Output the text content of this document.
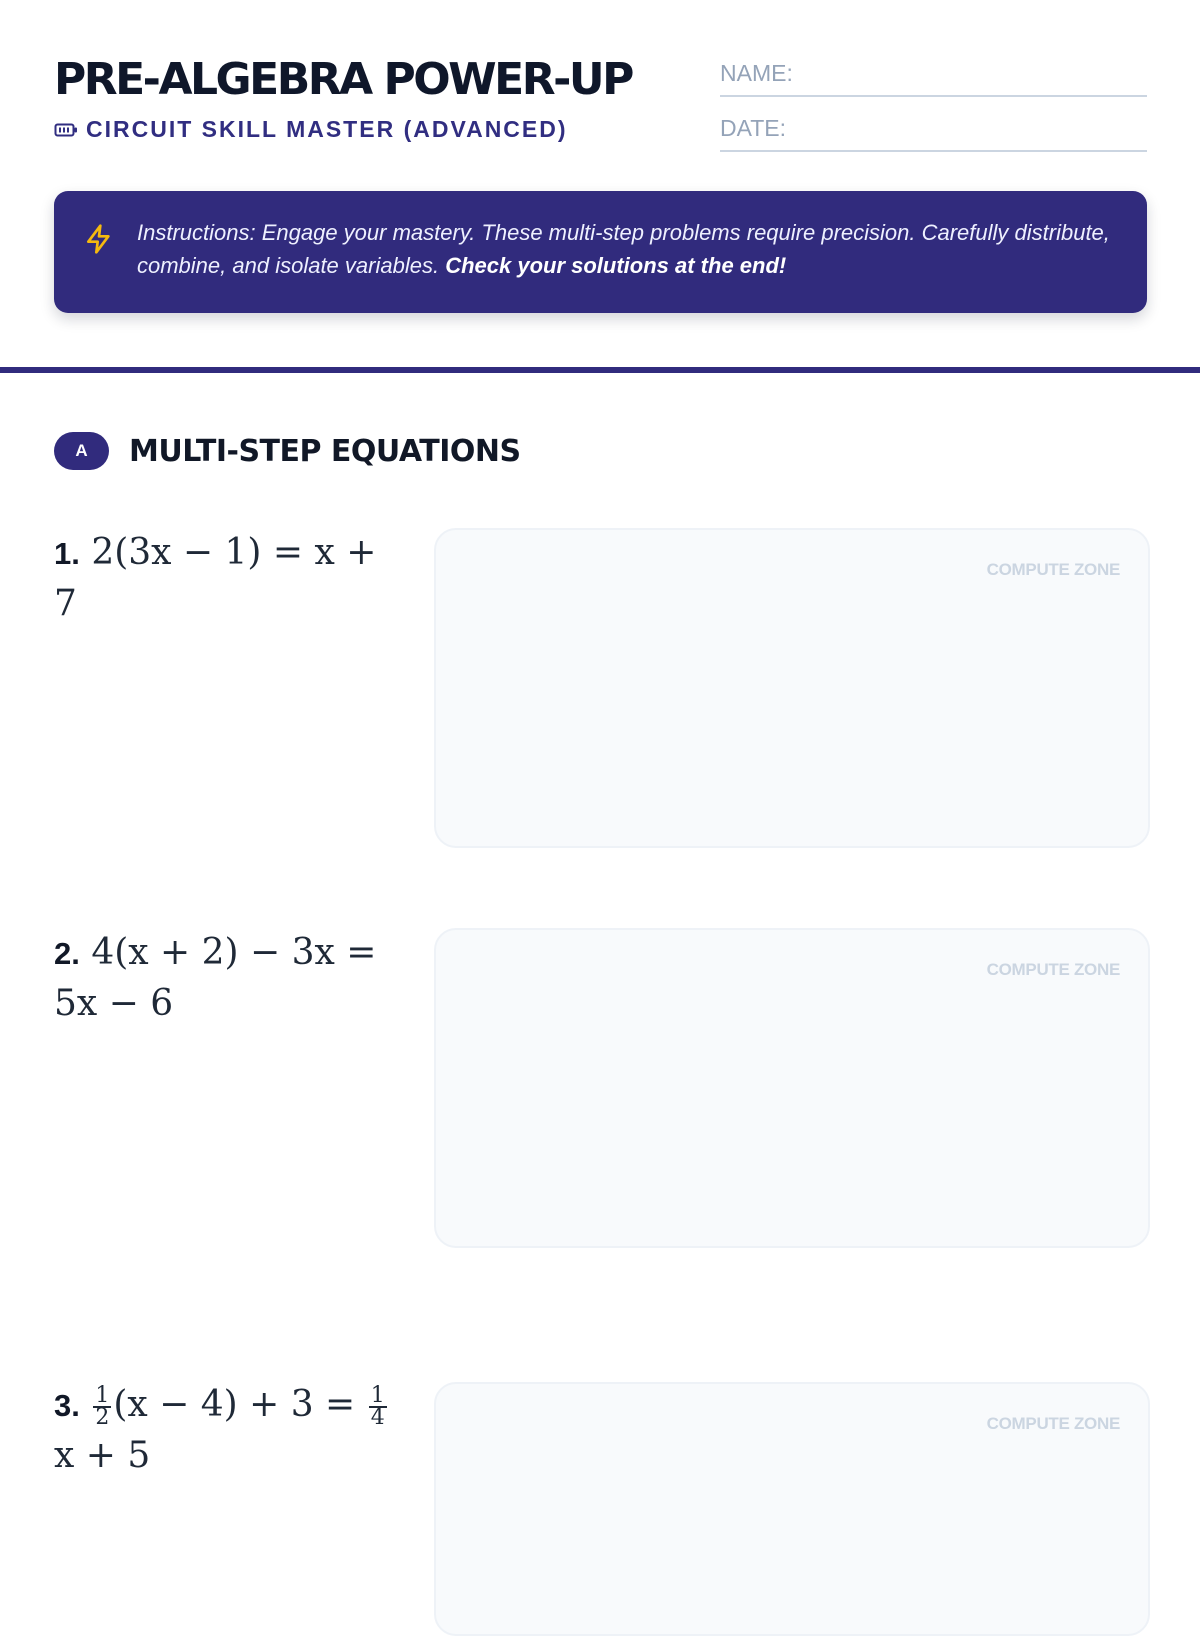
PRE-ALGEBRA POWER-UP
CIRCUIT SKILL MASTER (ADVANCED)
NAME:
DATE:
Instructions: Engage your mastery. These multi-step problems require precision. Carefully distribute, combine, and isolate variables. Check your solutions at the end!
A	MULTI-STEP EQUATIONS
1. 2(3x − 1) = x + 7
COMPUTE ZONE
2. 4(x + 2) − 3x = 5x − 6
COMPUTE ZONE
3. $\frac{1}{2} (x - 4) + 3 = \frac{1}{4}$
x + 5
COMPUTE ZONE
